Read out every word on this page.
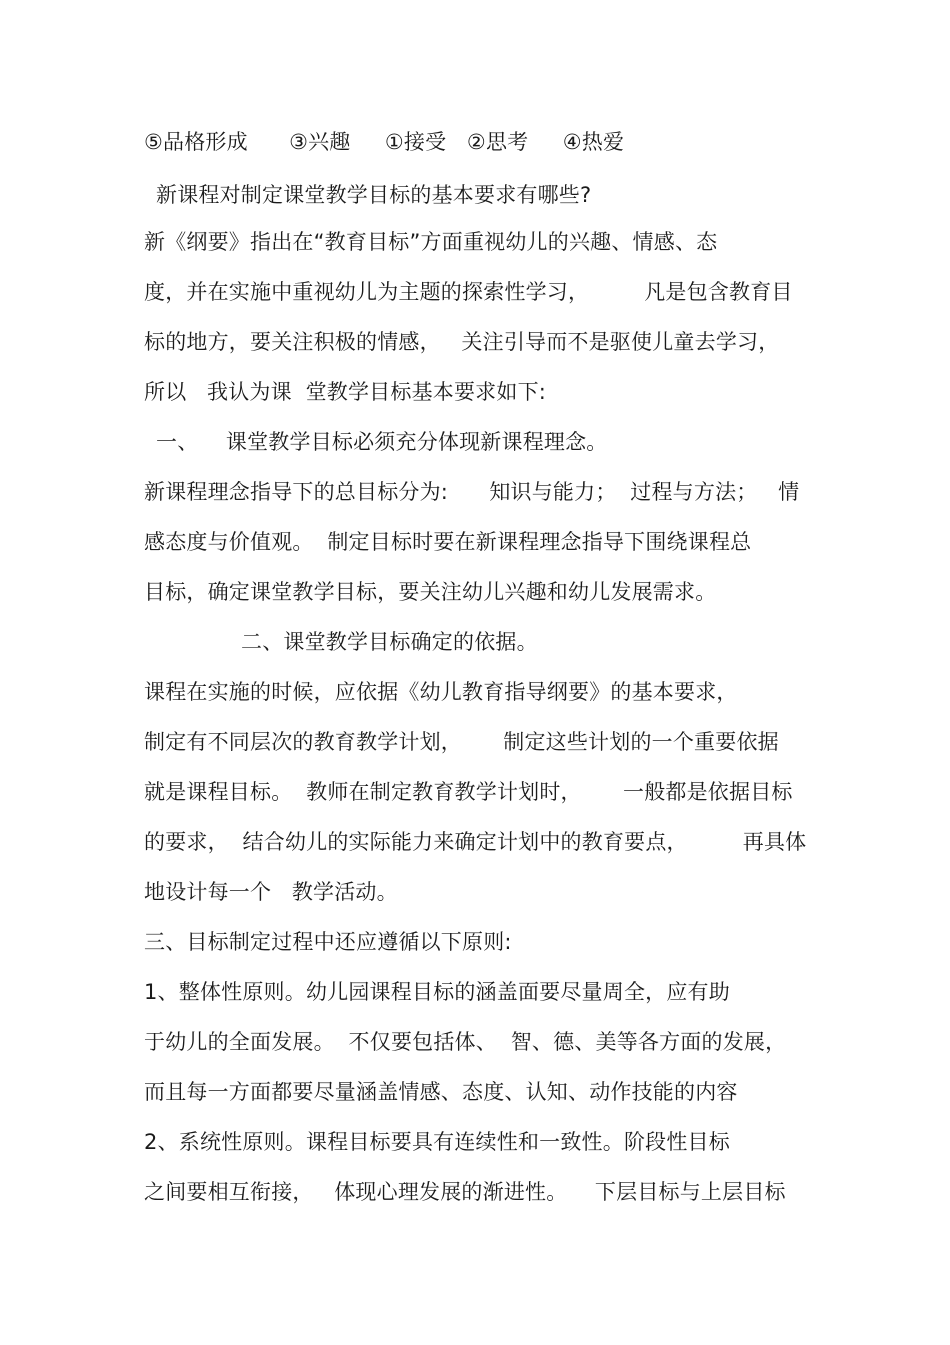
⑤品格形成      ③兴趣     ①接受   ②思考     ④热爱
新课程对制定课堂教学目标的基本要求有哪些?
新《纲要》指出在“教育目标”方面重视幼儿的兴趣、情感、态
度，并在实施中重视幼儿为主题的探索性学习，        凡是包含教育目
标的地方，要关注积极的情感，   关注引导而不是驱使儿童去学习，
所以   我认为课  堂教学目标基本要求如下:
一、    课堂教学目标必须充分体现新课程理念。
新课程理念指导下的总目标分为:      知识与能力；  过程与方法；   情
感态度与价值观。  制定目标时要在新课程理念指导下围绕课程总
目标，确定课堂教学目标，要关注幼儿兴趣和幼儿发展需求。
二、课堂教学目标确定的依据。
课程在实施的时候，应依据《幼儿教育指导纲要》的基本要求，
制定有不同层次的教育教学计划，      制定这些计划的一个重要依据
就是课程目标。  教师在制定教育教学计划时，      一般都是依据目标
的要求，  结合幼儿的实际能力来确定计划中的教育要点，        再具体
地设计每一个   教学活动。
三、目标制定过程中还应遵循以下原则:
1、整体性原则。幼儿园课程目标的涵盖面要尽量周全，应有助
于幼儿的全面发展。  不仅要包括体、  智、德、美等各方面的发展，
而且每一方面都要尽量涵盖情感、态度、认知、动作技能的内容
2、系统性原则。课程目标要具有连续性和一致性。阶段性目标
之间要相互衔接，   体现心理发展的渐进性。    下层目标与上层目标
